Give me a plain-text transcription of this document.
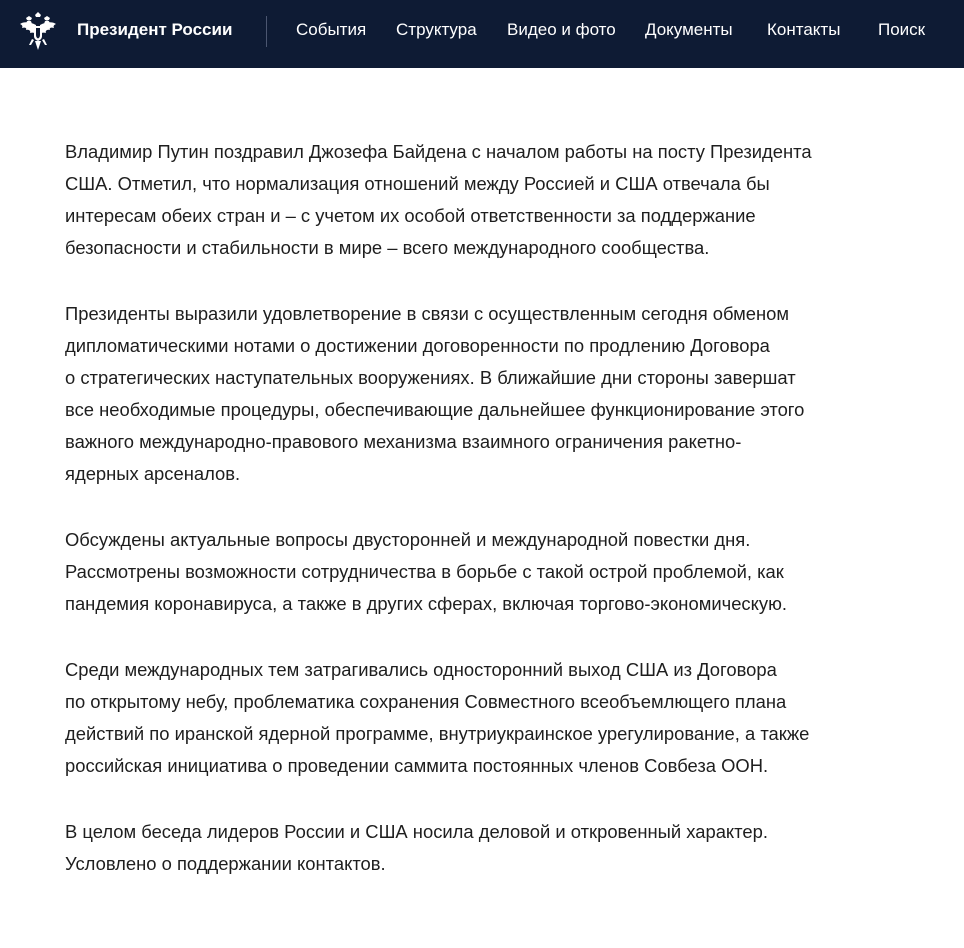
Президент России	События Структура Видео и фото Документы Контакты Поиск

Владимир Путин поздравил Джозефа Байдена с началом работы на посту Президента
США. Отметил, что нормализация отношений между Россией и США отвечала бы
интересам обеих стран и – с учетом их особой ответственности за поддержание
безопасности и стабильности в мире – всего международного сообщества.

Президенты выразили удовлетворение в связи с осуществленным сегодня обменом
дипломатическими нотами о достижении договоренности по продлению Договора
о стратегических наступательных вооружениях. В ближайшие дни стороны завершат
все необходимые процедуры, обеспечивающие дальнейшее функционирование этого
важного международно-правового механизма взаимного ограничения ракетно-
ядерных арсеналов.

Обсуждены актуальные вопросы двусторонней и международной повестки дня.
Рассмотрены возможности сотрудничества в борьбе с такой острой проблемой, как
пандемия коронавируса, а также в других сферах, включая торгово-экономическую.

Среди международных тем затрагивались односторонний выход США из Договора
по открытому небу, проблематика сохранения Совместного всеобъемлющего плана
действий по иранской ядерной программе, внутриукраинское урегулирование, а также
российская инициатива о проведении саммита постоянных членов Совбеза ООН.

В целом беседа лидеров России и США носила деловой и откровенный характер.
Условлено о поддержании контактов.
